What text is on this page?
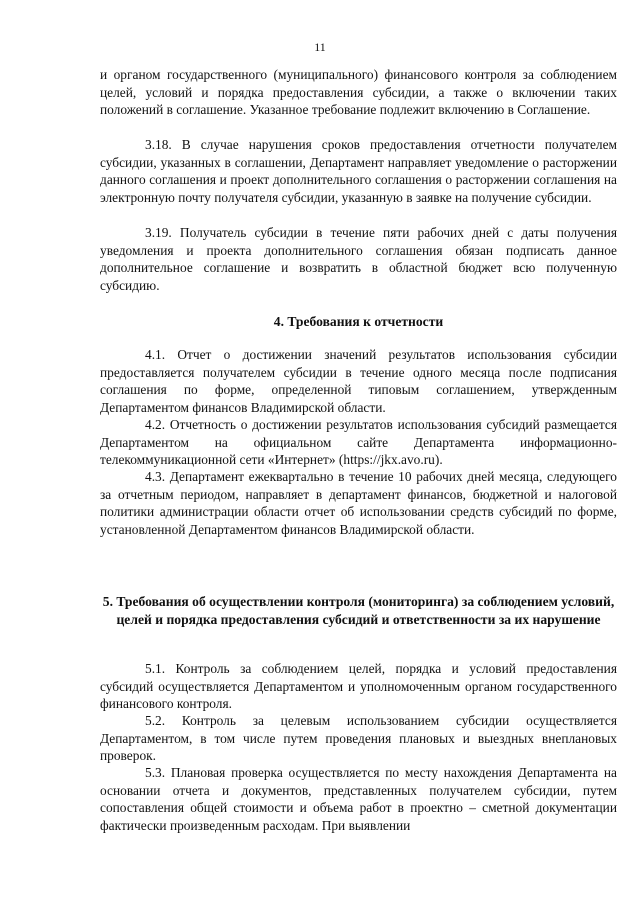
11

и органом государственного (муниципального) финансового контроля за соблюдением целей, условий и порядка предоставления субсидии, а также о включении таких положений в соглашение. Указанное требование подлежит включению в Соглашение.

3.18. В случае нарушения сроков предоставления отчетности получателем субсидии, указанных в соглашении, Департамент направляет уведомление о расторжении данного соглашения и проект дополнительного соглашения о расторжении соглашения на электронную почту получателя субсидии, указанную в заявке на получение субсидии.

3.19. Получатель субсидии в течение пяти рабочих дней с даты получения уведомления и проекта дополнительного соглашения обязан подписать данное дополнительное соглашение и возвратить в областной бюджет всю полученную субсидию.

4. Требования к отчетности

4.1. Отчет о достижении значений результатов использования субсидии предоставляется получателем субсидии в течение одного месяца после подписания соглашения по форме, определенной типовым соглашением, утвержденным Департаментом финансов Владимирской области.

4.2. Отчетность о достижении результатов использования субсидий размещается Департаментом на официальном сайте Департамента информационно-телекоммуникационной сети «Интернет» (https://jkx.avo.ru).

4.3. Департамент ежеквартально в течение 10 рабочих дней месяца, следующего за отчетным периодом, направляет в департамент финансов, бюджетной и налоговой политики администрации области отчет об использовании средств субсидий по форме, установленной Департаментом финансов Владимирской области.

5. Требования об осуществлении контроля (мониторинга) за соблюдением условий, целей и порядка предоставления субсидий и ответственности за их нарушение

5.1. Контроль за соблюдением целей, порядка и условий предоставления субсидий осуществляется Департаментом и уполномоченным органом государственного финансового контроля.

5.2. Контроль за целевым использованием субсидии осуществляется Департаментом, в том числе путем проведения плановых и выездных внеплановых проверок.

5.3. Плановая проверка осуществляется по месту нахождения Департамента на основании отчета и документов, представленных получателем субсидии, путем сопоставления общей стоимости и объема работ в проектно – сметной документации фактически произведенным расходам. При выявлении
